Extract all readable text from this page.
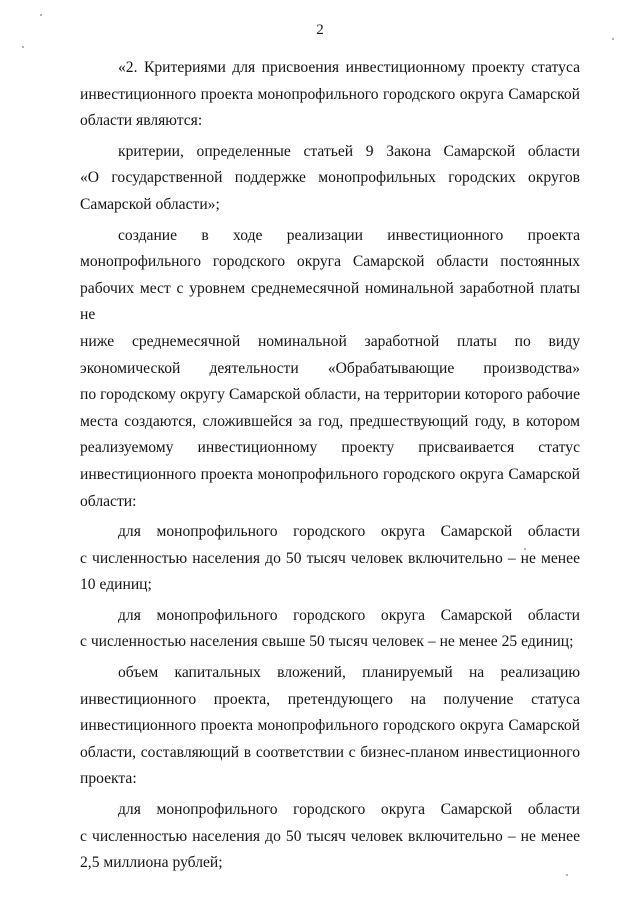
2
«2. Критериями для присвоения инвестиционному проекту статуса
инвестиционного проекта монопрофильного городского округа Самарской
области являются:
критерии, определенные статьей 9 Закона Самарской области
«О государственной поддержке монопрофильных городских округов
Самарской области»;
создание в ходе реализации инвестиционного проекта
монопрофильного городского округа Самарской области постоянных
рабочих мест с уровнем среднемесячной номинальной заработной платы не
ниже среднемесячной номинальной заработной платы по виду
экономической деятельности «Обрабатывающие производства»
по городскому округу Самарской области, на территории которого рабочие
места создаются, сложившейся за год, предшествующий году, в котором
реализуемому инвестиционному проекту присваивается статус
инвестиционного проекта монопрофильного городского округа Самарской
области:
для монопрофильного городского округа Самарской области
с численностью населения до 50 тысяч человек включительно – не менее
10 единиц;
для монопрофильного городского округа Самарской области
с численностью населения свыше 50 тысяч человек – не менее 25 единиц;
объем капитальных вложений, планируемый на реализацию
инвестиционного проекта, претендующего на получение статуса
инвестиционного проекта монопрофильного городского округа Самарской
области, составляющий в соответствии с бизнес-планом инвестиционного
проекта:
для монопрофильного городского округа Самарской области
с численностью населения до 50 тысяч человек включительно – не менее
2,5 миллиона рублей;
